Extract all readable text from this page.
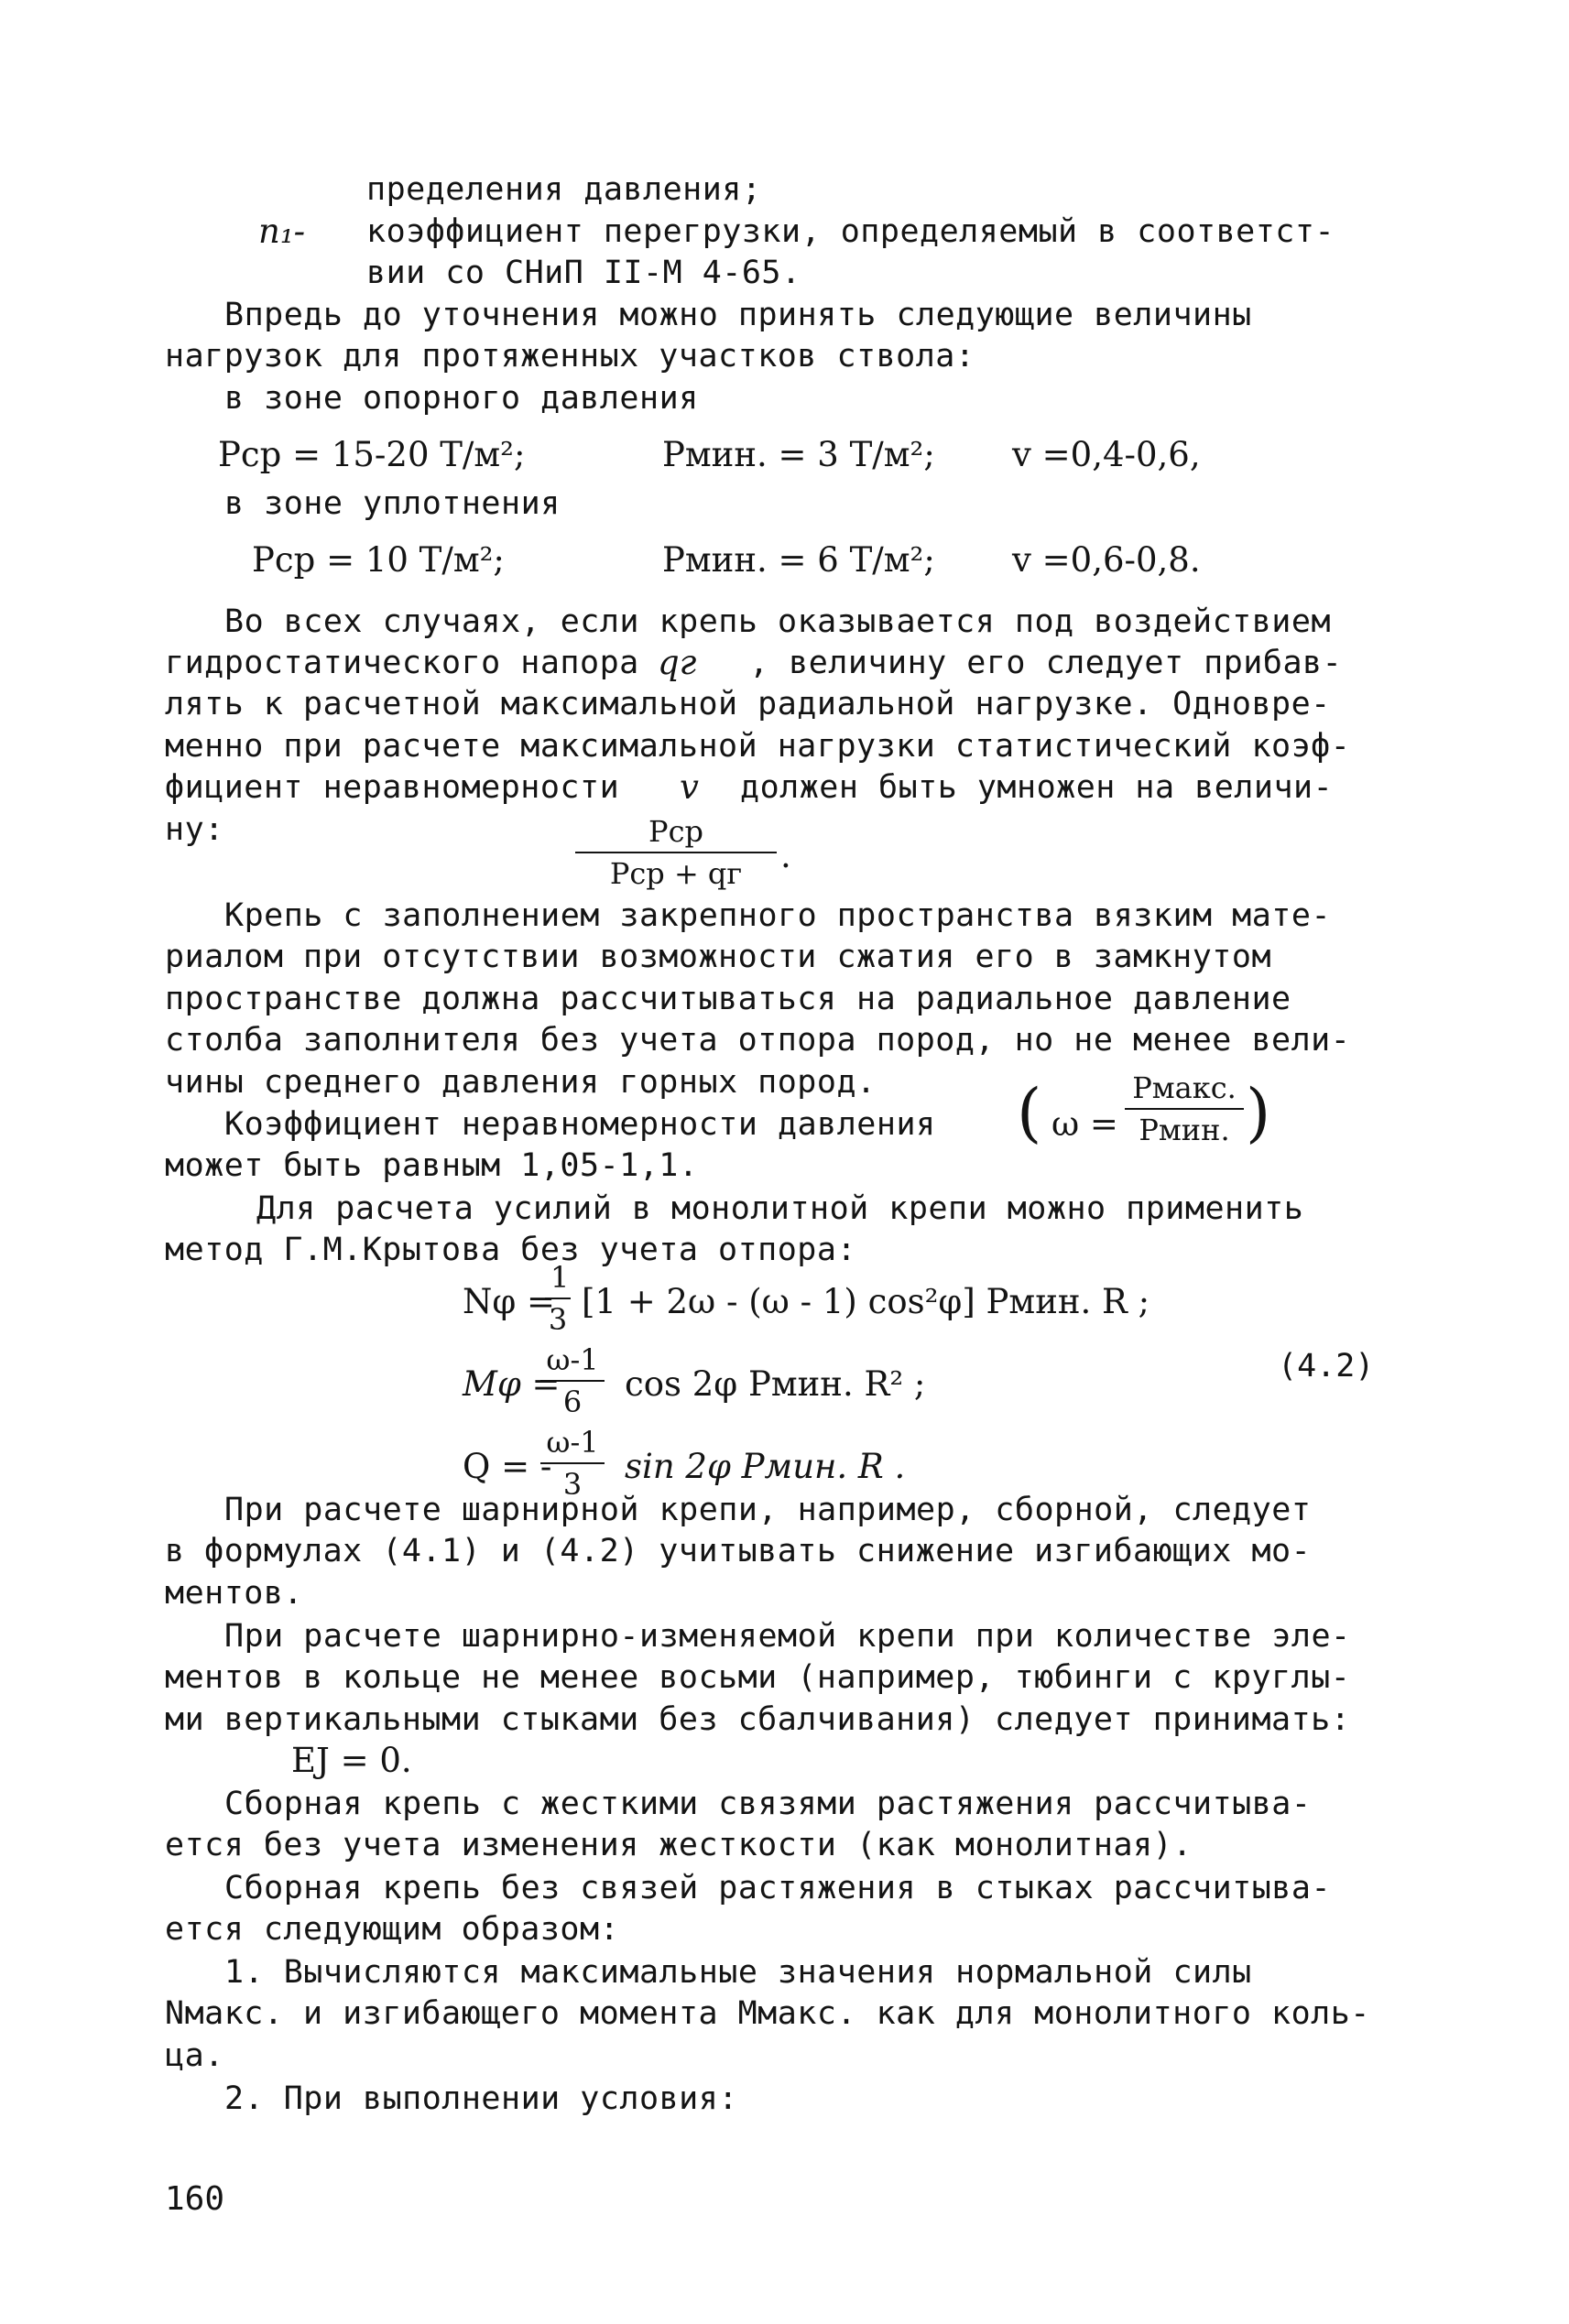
пределения давления;
n₁- коэффициент перегрузки, определяемый в соответст-
вии со СНиП II-М 4-65.
Впредь до уточнения можно принять следующие величины
нагрузок для протяженных участков ствола:
в зоне опорного давления
Pср = 15-20 Т/м²;	Pмин. = 3 Т/м²; v =0,4-0,6,
в зоне уплотнения
Pср = 10 Т/м²;	Pмин. = 6 Т/м²; v =0,6-0,8.
Во всех случаях, если крепь оказывается под воздействием
гидростатического напора qг , величину его следует прибав-
лять к расчетной максимальной радиальной нагрузке. Одновре-
менно при расчете максимальной нагрузки статистический коэф-
фициент неравномерности v должен быть умножен на величи-
ну:	Pср
Pср + qг	.
Крепь с заполнением закрепного пространства вязким мате-
риалом при отсутствии возможности сжатия его в замкнутом
пространстве должна рассчитываться на радиальное давление
столба заполнителя без учета отпора пород, но не менее вели-
чины среднего давления горных пород.
Коэффициент неравномерности давления ( ω =
Pмакс.
Pмин. )
может быть равным 1,05-1,1.
Для расчета усилий в монолитной крепи можно применить
метод Г.М.Крытова без учета отпора:
Nφ =
$\frac{1}{3} [1 + 2\omega - (\omega - 1)$ cos²φ] Pмин. R ;
Mφ =
$\frac{\omega-1}{6}$ cos 2φ Pмин. R² ;	(4.2)
Q = -
$\frac{\omega-1}{3}$ sin 2φ Pмин. R .
При расчете шарнирной крепи, например, сборной, следует
в формулах (4.1) и (4.2) учитывать снижение изгибающих мо-
ментов.
При расчете шарнирно-изменяемой крепи при количестве эле-
ментов в кольце не менее восьми (например, тюбинги с круглы-
ми вертикальными стыками без сбалчивания) следует принимать:
EJ = 0.
Сборная крепь с жесткими связями растяжения рассчитыва-
ется без учета изменения жесткости (как монолитная).
Сборная крепь без связей растяжения в стыках рассчитыва-
ется следующим образом:
1. Вычисляются максимальные значения нормальной силы
Nмакс. и изгибающего момента Mмакс. как для монолитного коль-
ца.
2. При выполнении условия:
160
